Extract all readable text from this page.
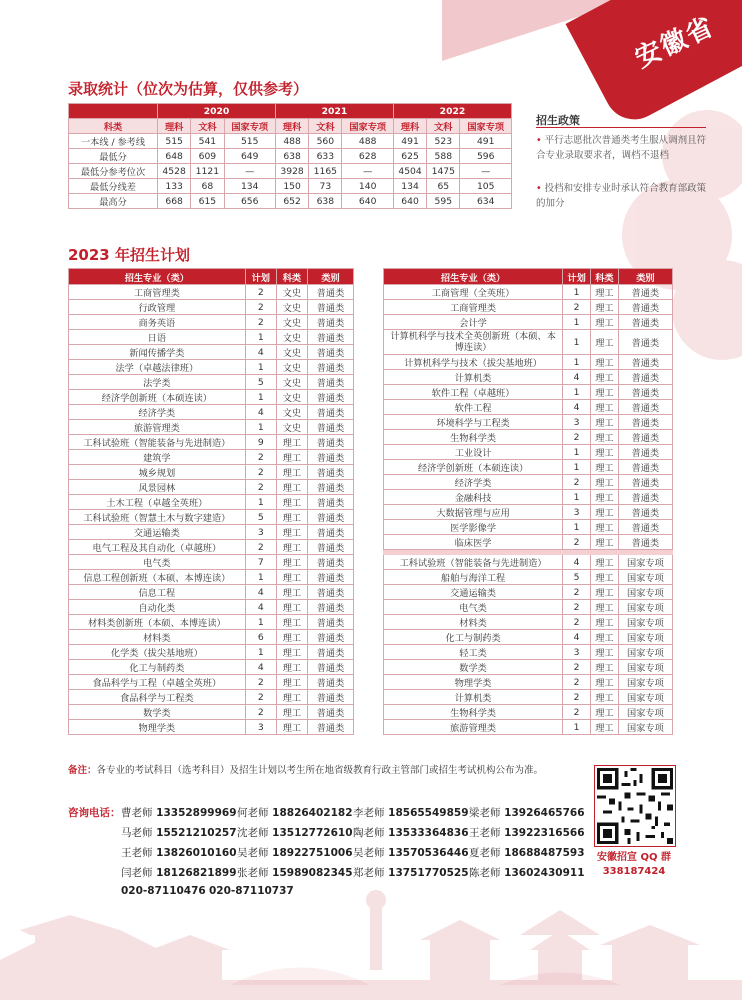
安徽省
录取统计（位次为估算，仅供参考）
	2020			2021			2022		
科类	理科	文科	国家专项	理科	文科	国家专项	理科	文科	国家专项
一本线 / 参考线	515	541	515	488	560	488	491	523	491
最低分	648	609	649	638	633	628	625	588	596
最低分参考位次	4528	1121	—	3928	1165	—	4504	1475	—
最低分线差	133	68	134	150	73	140	134	65	105
最高分	668	615	656	652	638	640	640	595	634
招生政策
• 平行志愿批次普通类考生服从调剂且符合专业录取要求者，调档不退档
• 投档和安排专业时承认符合教育部政策的加分
2023 年招生计划
招生专业（类）	计划	科类	类别
工商管理类	2	文史	普通类
行政管理	2	文史	普通类
商务英语	2	文史	普通类
日语	1	文史	普通类
新闻传播学类	4	文史	普通类
法学（卓越法律班）	1	文史	普通类
法学类	5	文史	普通类
经济学创新班（本硕连读）	1	文史	普通类
经济学类	4	文史	普通类
旅游管理类	1	文史	普通类
工科试验班（智能装备与先进制造）	9	理工	普通类
建筑学	2	理工	普通类
城乡规划	2	理工	普通类
风景园林	2	理工	普通类
土木工程（卓越全英班）	1	理工	普通类
工科试验班（智慧土木与数字建造）	5	理工	普通类
交通运输类	3	理工	普通类
电气工程及其自动化（卓越班）	2	理工	普通类
电气类	7	理工	普通类
信息工程创新班（本硕、本博连读）	1	理工	普通类
信息工程	4	理工	普通类
自动化类	4	理工	普通类
材料类创新班（本硕、本博连读）	1	理工	普通类
材料类	6	理工	普通类
化学类（拔尖基地班）	1	理工	普通类
化工与制药类	4	理工	普通类
食品科学与工程（卓越全英班）	2	理工	普通类
食品科学与工程类	2	理工	普通类
数学类	2	理工	普通类
物理学类	3	理工	普通类
招生专业（类）	计划	科类	类别
工商管理（全英班）	1	理工	普通类
工商管理类	2	理工	普通类
会计学	1	理工	普通类
计算机科学与技术全英创新班（本硕、本博连读）	1	理工	普通类
计算机科学与技术（拔尖基地班）	1	理工	普通类
计算机类	4	理工	普通类
软件工程（卓越班）	1	理工	普通类
软件工程	4	理工	普通类
环境科学与工程类	3	理工	普通类
生物科学类	2	理工	普通类
工业设计	1	理工	普通类
经济学创新班（本硕连读）	1	理工	普通类
经济学类	2	理工	普通类
金融科技	1	理工	普通类
大数据管理与应用	3	理工	普通类
医学影像学	1	理工	普通类
临床医学	2	理工	普通类

工科试验班（智能装备与先进制造）	4	理工	国家专项
船舶与海洋工程	5	理工	国家专项
交通运输类	2	理工	国家专项
电气类	2	理工	国家专项
材料类	2	理工	国家专项
化工与制药类	4	理工	国家专项
轻工类	3	理工	国家专项
数学类	2	理工	国家专项
物理学类	2	理工	国家专项
计算机类	2	理工	国家专项
生物科学类	2	理工	国家专项
旅游管理类	1	理工	国家专项
备注：各专业的考试科目（选考科目）及招生计划以考生所在地省级教育行政主管部门或招生考试机构公布为准。
咨询电话： 曹老师 13352899969 何老师 18826402182 李老师 18565549859 梁老师 13926465766
马老师 15521210257 沈老师 13512772610 陶老师 13533364836 王老师 13922316566
王老师 13826010160 吴老师 18922751006 吴老师 13570536446 夏老师 18688487593
闫老师 18126821899 张老师 15989082345 郑老师 13751770525 陈老师 13602430911
020-87110476 020-87110737
安徽招宣 QQ 群
338187424
